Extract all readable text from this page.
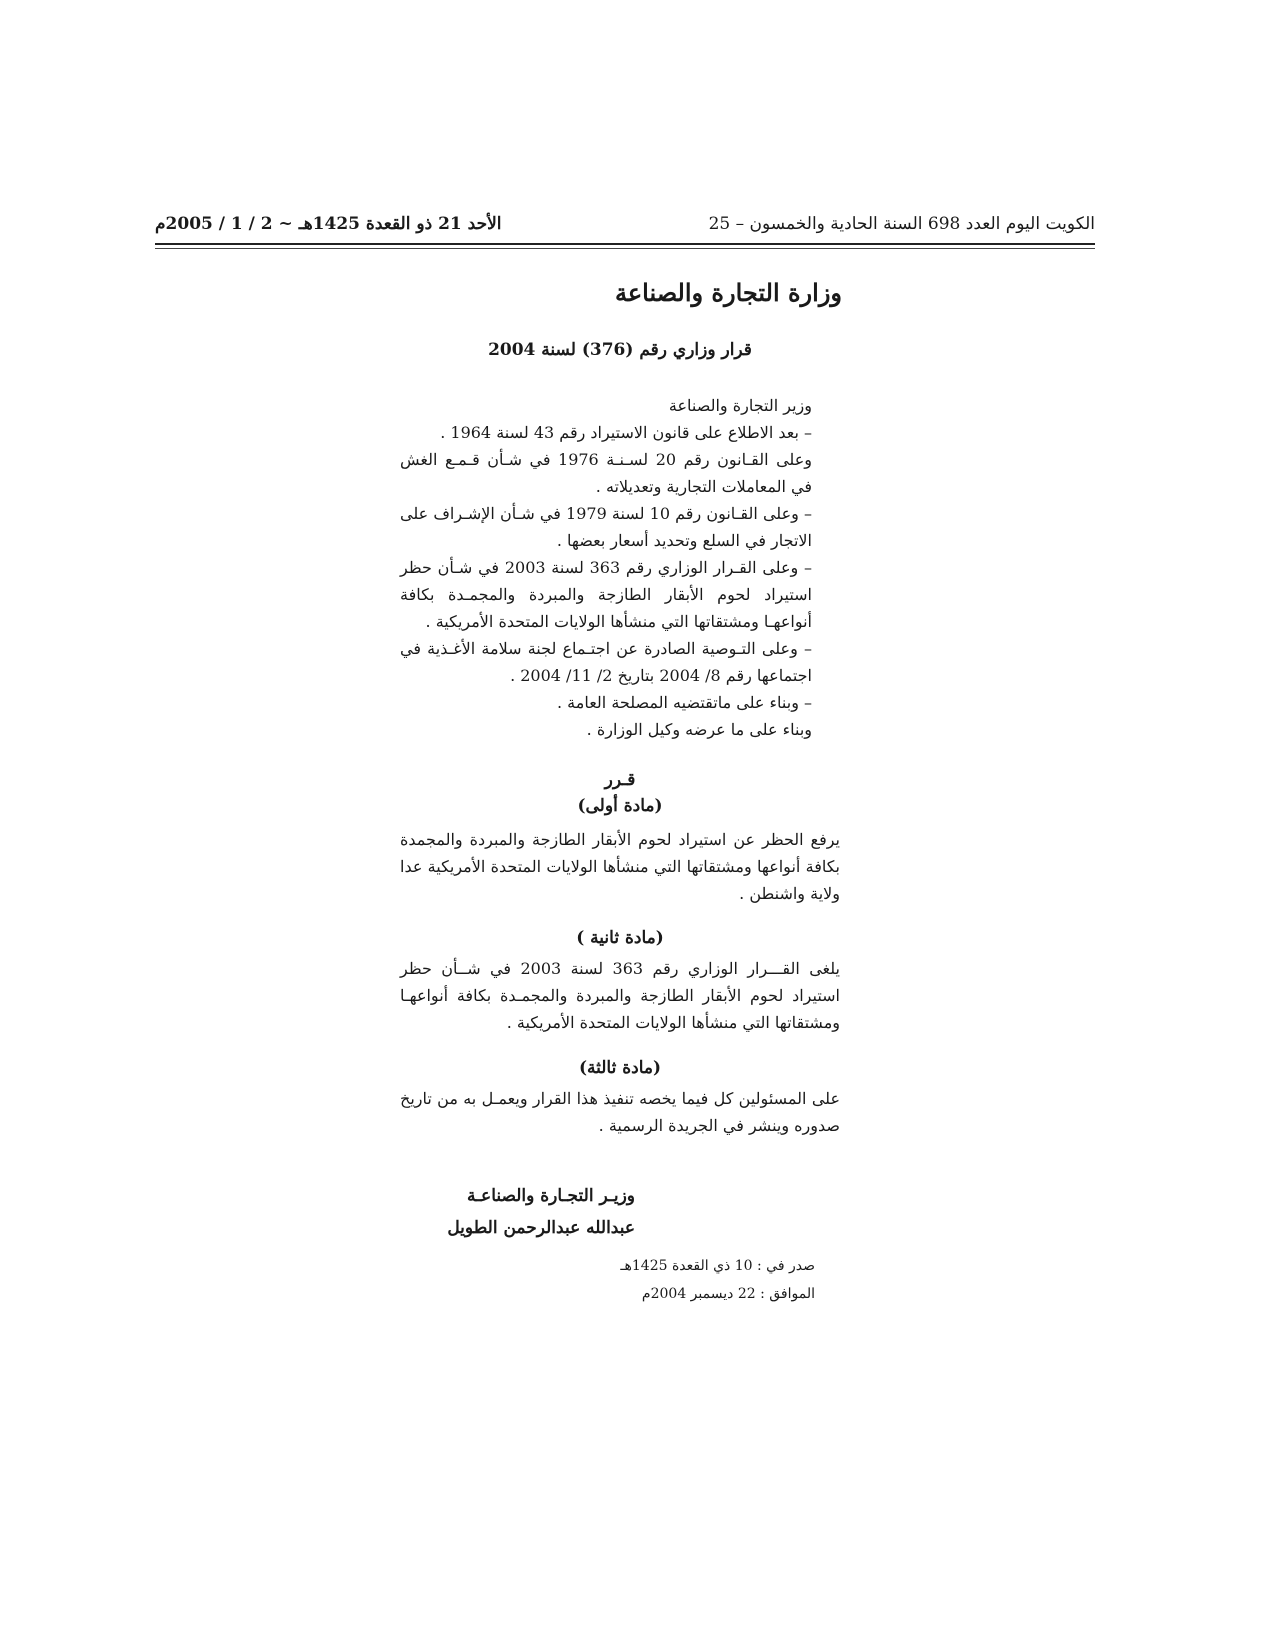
الكويت اليوم العدد 698 السنة الحادية والخمسون – 25
الأحد 21 ذو القعدة 1425هـ ~ 2 / 1 / 2005م
وزارة التجارة والصناعة
قرار وزاري رقم (376) لسنة 2004

وزير التجارة والصناعة

– بعد الاطلاع على قانون الاستيراد رقم 43 لسنة 1964 .

وعلى القـانون رقم 20 لسـنـة 1976 في شـأن قـمـع الغش في المعاملات التجارية وتعديلاته .

– وعلى القـانون رقم 10 لسنة 1979 في شـأن الإشـراف على الاتجار في السلع وتحديد أسعار بعضها .

– وعلى القـرار الوزاري رقم 363 لسنة 2003 في شـأن حظر استيراد لحوم الأبقار الطازجة والمبردة والمجمـدة بكافة أنواعهـا ومشتقاتها التي منشأها الولايات المتحدة الأمريكية .

– وعلى التـوصية الصادرة عن اجتـماع لجنة سلامة الأغـذية في اجتماعها رقم 8/ 2004 بتاريخ 2/ 11/ 2004 .

– وبناء على ماتقتضيه المصلحة العامة .

وبناء على ما عرضه وكيل الوزارة .

قـرر
(مادة أولى)

يرفع الحظر عن استيراد لحوم الأبقار الطازجة والمبردة والمجمدة بكافة أنواعها ومشتقاتها التي منشأها الولايات المتحدة الأمريكية عدا ولاية واشنطن .

(مادة ثانية )

يلغى القـــرار الوزاري رقم 363 لسنة 2003 في شــأن حظر استيراد لحوم الأبقار الطازجة والمبردة والمجمـدة بكافة أنواعهـا ومشتقاتها التي منشأها الولايات المتحدة الأمريكية .

(مادة ثالثة)

على المسئولين كل فيما يخصه تنفيذ هذا القرار ويعمـل به من تاريخ صدوره وينشر في الجريدة الرسمية .

وزيـر التجـارة والصناعـة
عبدالله عبدالرحمن الطويل
صدر في : 10 ذي القعدة 1425هـ
الموافق : 22 ديسمبر 2004م
